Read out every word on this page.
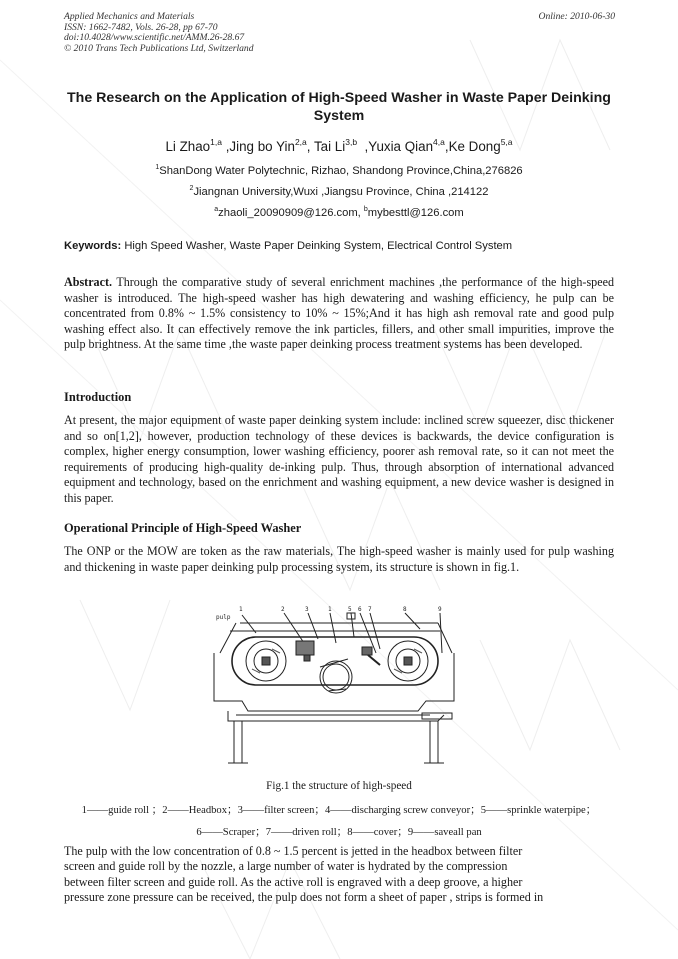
Applied Mechanics and Materials
ISSN: 1662-7482, Vols. 26-28, pp 67-70
doi:10.4028/www.scientific.net/AMM.26-28.67
© 2010 Trans Tech Publications Ltd, Switzerland
Online: 2010-06-30
The Research on the Application of High-Speed Washer in Waste Paper Deinking System
Li Zhao$^{1,a}$ ,Jing bo Yin$^{2,a}$, Tai Li$^{3,b}$  ,Yuxia Qian$^{4,a}$,Ke Dong$^{5,a}$
$^1$ShanDong Water Polytechnic, Rizhao, Shandong Province,China,276826
$^2$Jiangnan University,Wuxi ,Jiangsu Province, China ,214122
$^a$zhaoli_20090909@126.com, $^b$mybesttl@126.com
Keywords: High Speed Washer, Waste Paper Deinking System, Electrical Control System

Abstract. Through the comparative study of several enrichment machines ,the performance of the high-speed washer is introduced. The high-speed washer has high dewatering and washing efficiency, he pulp can be concentrated from 0.8% ~ 1.5% consistency to 10% ~ 15%;And it has high ash removal rate and good pulp washing effect also. It can effectively remove the ink particles, fillers, and other small impurities, improve the pulp brightness. At the same time ,the waste paper deinking process treatment systems has been developed.

Introduction

At present, the major equipment of waste paper deinking system include: inclined screw squeezer, disc thickener and so on[1,2], however, production technology of these devices is backwards, the device configuration is complex, higher energy consumption, lower washing efficiency, poorer ash removal rate, so it can not meet the requirements of producing high-quality de-inking pulp. Thus, through absorption of international advanced equipment and technology, based on the enrichment and washing equipment, a new device washer is designed in this paper.

Operational Principle of High-Speed Washer

The ONP or the MOW are token as the raw materials, The high-speed washer is mainly used for pulp washing and thickening in waste paper deinking pulp processing system, its structure is shown in fig.1.

pulp
1	2	3	1	5 6 7	8	9
Fig.1 the structure of high-speed
1——guide roll ；2——Headbox；3——filter screen；4——discharging screw conveyor；5——sprinkle waterpipe；
6——Scraper；7——driven roll；8——cover；9——saveall pan
The pulp with the low concentration of 0.8 ~ 1.5 percent is jetted in the headbox between filter
screen and guide roll by the nozzle, a large number of water is hydrated by the compression
between filter screen and guide roll. As the active roll is engraved with a deep groove, a higher
pressure zone pressure can be received, the pulp does not form a sheet of paper , strips is formed in
